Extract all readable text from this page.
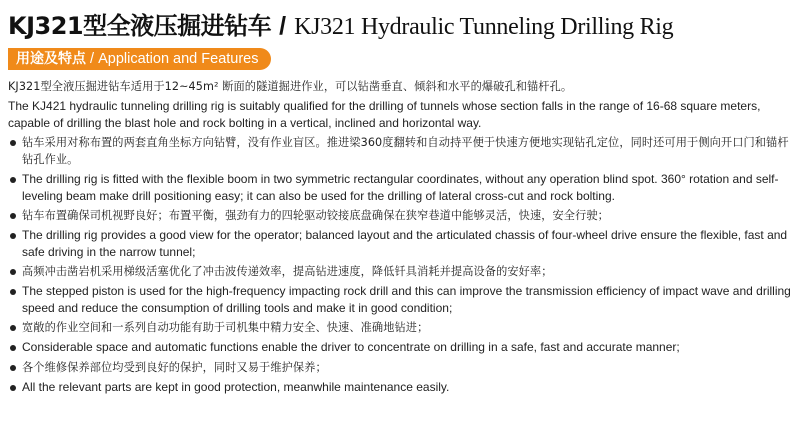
KJ321型全液压掘进钻车 / KJ321 Hydraulic Tunneling Drilling Rig
用途及特点 / Application and Features

KJ321型全液压掘进钻车适用于12~45m² 断面的隧道掘进作业，可以钻凿垂直、倾斜和水平的爆破孔和锚杆孔。

The KJ421 hydraulic tunneling drilling rig is suitably qualified for the drilling of tunnels whose section falls in the range of 16-68 square meters, capable of drilling the blast hole and rock bolting in a vertical, inclined and horizontal way.

钻车采用对称布置的两套直角坐标方向钻臂，没有作业盲区。推进梁360度翻转和自动持平便于快速方便地实现钻孔定位，同时还可用于侧向开口门和锚杆钻孔作业。
The drilling rig is fitted with the flexible boom in two symmetric rectangular coordinates, without any operation blind spot. 360° rotation and self-leveling beam make drill positioning easy; it can also be used for the drilling of lateral cross-cut and rock bolting.
钻车布置确保司机视野良好；布置平衡，强劲有力的四轮驱动铰接底盘确保在狭窄巷道中能够灵活，快速，安全行驶；
The drilling rig provides a good view for the operator; balanced layout and the articulated chassis of four-wheel drive ensure the flexible, fast and safe driving in the narrow tunnel;
高频冲击凿岩机采用梯级活塞优化了冲击波传递效率，提高钻进速度，降低钎具消耗并提高设备的安好率；
The stepped piston is used for the high-frequency impacting rock drill and this can improve the transmission efficiency of impact wave and drilling speed and reduce the consumption of drilling tools and make it in good condition;
宽敞的作业空间和一系列自动功能有助于司机集中精力安全、快速、准确地钻进；
Considerable space and automatic functions enable the driver to concentrate on drilling in a safe, fast and accurate manner;
各个维修保养部位均受到良好的保护，同时又易于维护保养；
All the relevant parts are kept in good protection, meanwhile maintenance easily.
